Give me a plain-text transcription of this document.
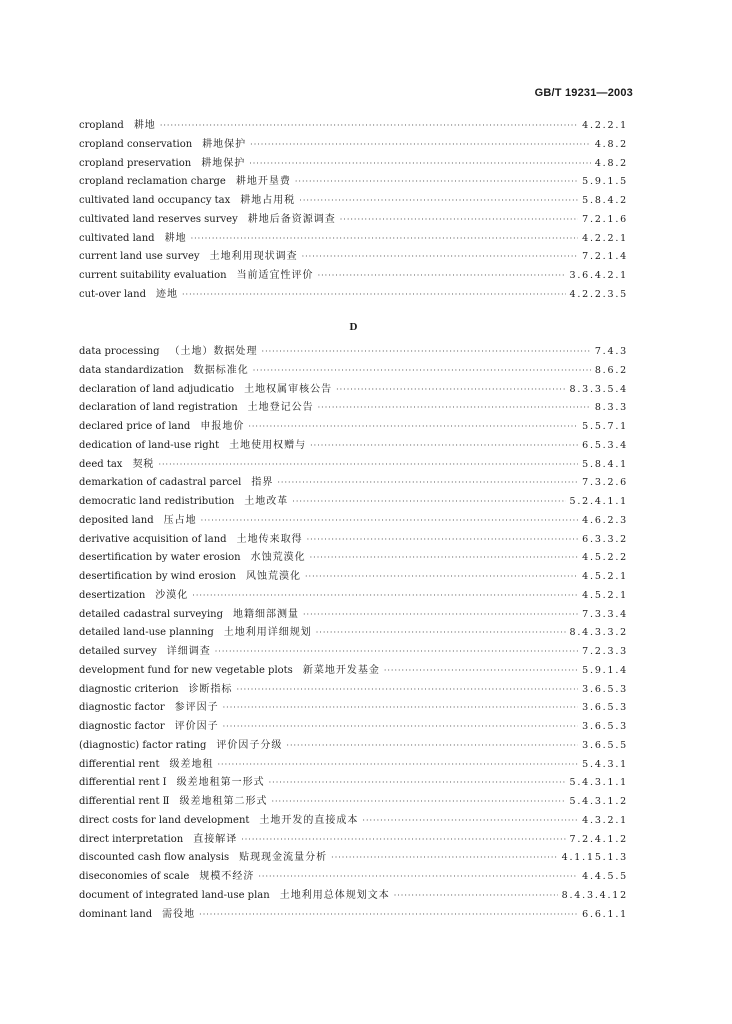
GB/T 19231—2003
cropland 耕地 ·····	4.2.2.1
cropland conservation 耕地保护 ·····	4.8.2
cropland preservation 耕地保护 ·····	4.8.2
cropland reclamation charge 耕地开垦费 ·····	5.9.1.5
cultivated land occupancy tax 耕地占用税 ·····	5.8.4.2
cultivated land reserves survey 耕地后备资源调查 ·····	7.2.1.6
cultivated land 耕地 ·····	4.2.2.1
current land use survey 土地利用现状调查 ·····	7.2.1.4
current suitability evaluation 当前适宜性评价 ·····	3.6.4.2.1
cut-over land 迹地 ·····	4.2.2.3.5
D
data processing （土地）数据处理 ·····	7.4.3
data standardization 数据标准化 ·····	8.6.2
declaration of land adjudicatio 土地权属审核公告 ·····	8.3.3.5.4
declaration of land registration 土地登记公告 ·····	8.3.3
declared price of land 申报地价 ·····	5.5.7.1
dedication of land-use right 土地使用权赠与 ·····	6.5.3.4
deed tax 契税 ·····	5.8.4.1
demarkation of cadastral parcel 指界 ·····	7.3.2.6
democratic land redistribution 土地改革 ·····	5.2.4.1.1
deposited land 压占地 ·····	4.6.2.3
derivative acquisition of land 土地传来取得 ·····	6.3.3.2
desertification by water erosion 水蚀荒漠化 ·····	4.5.2.2
desertification by wind erosion 风蚀荒漠化 ·····	4.5.2.1
desertization 沙漠化 ·····	4.5.2.1
detailed cadastral surveying 地籍细部测量 ·····	7.3.3.4
detailed land-use planning 土地利用详细规划 ·····	8.4.3.3.2
detailed survey 详细调查 ·····	7.2.3.3
development fund for new vegetable plots 新菜地开发基金 ·····	5.9.1.4
diagnostic criterion 诊断指标 ·····	3.6.5.3
diagnostic factor 参评因子 ·····	3.6.5.3
diagnostic factor 评价因子 ·····	3.6.5.3
(diagnostic) factor rating 评价因子分级 ·····	3.6.5.5
differential rent 级差地租 ·····	5.4.3.1
differential rent Ⅰ 级差地租第一形式 ·····	5.4.3.1.1
differential rent Ⅱ 级差地租第二形式 ·····	5.4.3.1.2
direct costs for land development 土地开发的直接成本 ·····	4.3.2.1
direct interpretation 直接解译 ·····	7.2.4.1.2
discounted cash flow analysis 贴现现金流量分析 ·····	4.1.15.1.3
diseconomies of scale 规模不经济 ·····	4.4.5.5
document of integrated land-use plan 土地利用总体规划文本 ·····	8.4.3.4.12
dominant land 需役地 ·····	6.6.1.1
